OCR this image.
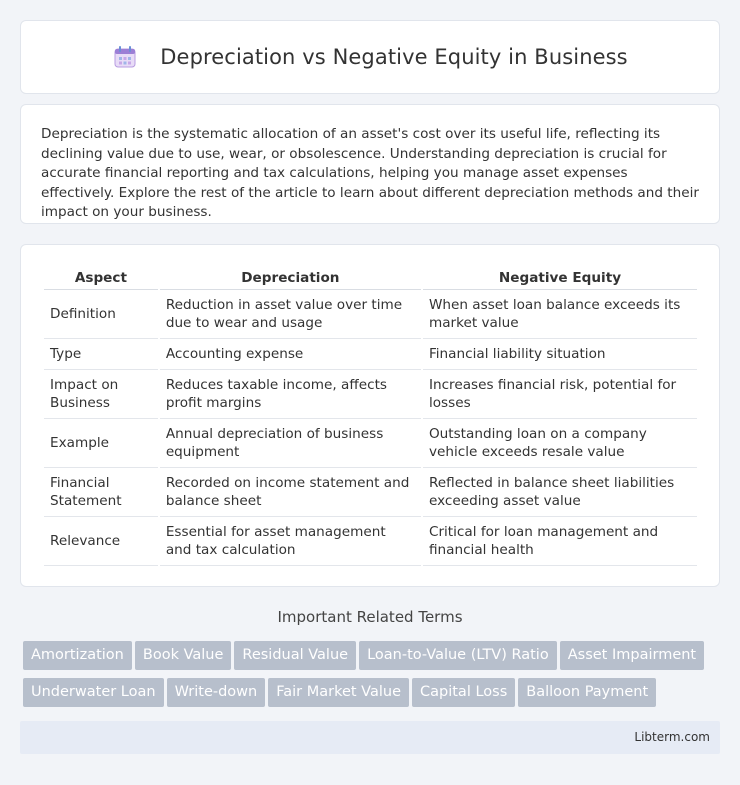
Depreciation vs Negative Equity in Business

Depreciation is the systematic allocation of an asset's cost over its useful life, reflecting its declining value due to use, wear, or obsolescence. Understanding depreciation is crucial for accurate financial reporting and tax calculations, helping you manage asset expenses effectively. Explore the rest of the article to learn about different depreciation methods and their impact on your business.

Aspect	Depreciation	Negative Equity
Definition	Reduction in asset value over time due to wear and usage	When asset loan balance exceeds its market value
Type	Accounting expense	Financial liability situation
Impact on Business	Reduces taxable income, affects profit margins	Increases financial risk, potential for losses
Example	Annual depreciation of business equipment	Outstanding loan on a company vehicle exceeds resale value
Financial Statement	Recorded on income statement and balance sheet	Reflected in balance sheet liabilities exceeding asset value
Relevance	Essential for asset management and tax calculation	Critical for loan management and financial health
Important Related Terms
Amortization Book Value Residual Value Loan-to-Value (LTV) Ratio Asset Impairment
Underwater Loan Write-down Fair Market Value Capital Loss Balloon Payment
Libterm.com
